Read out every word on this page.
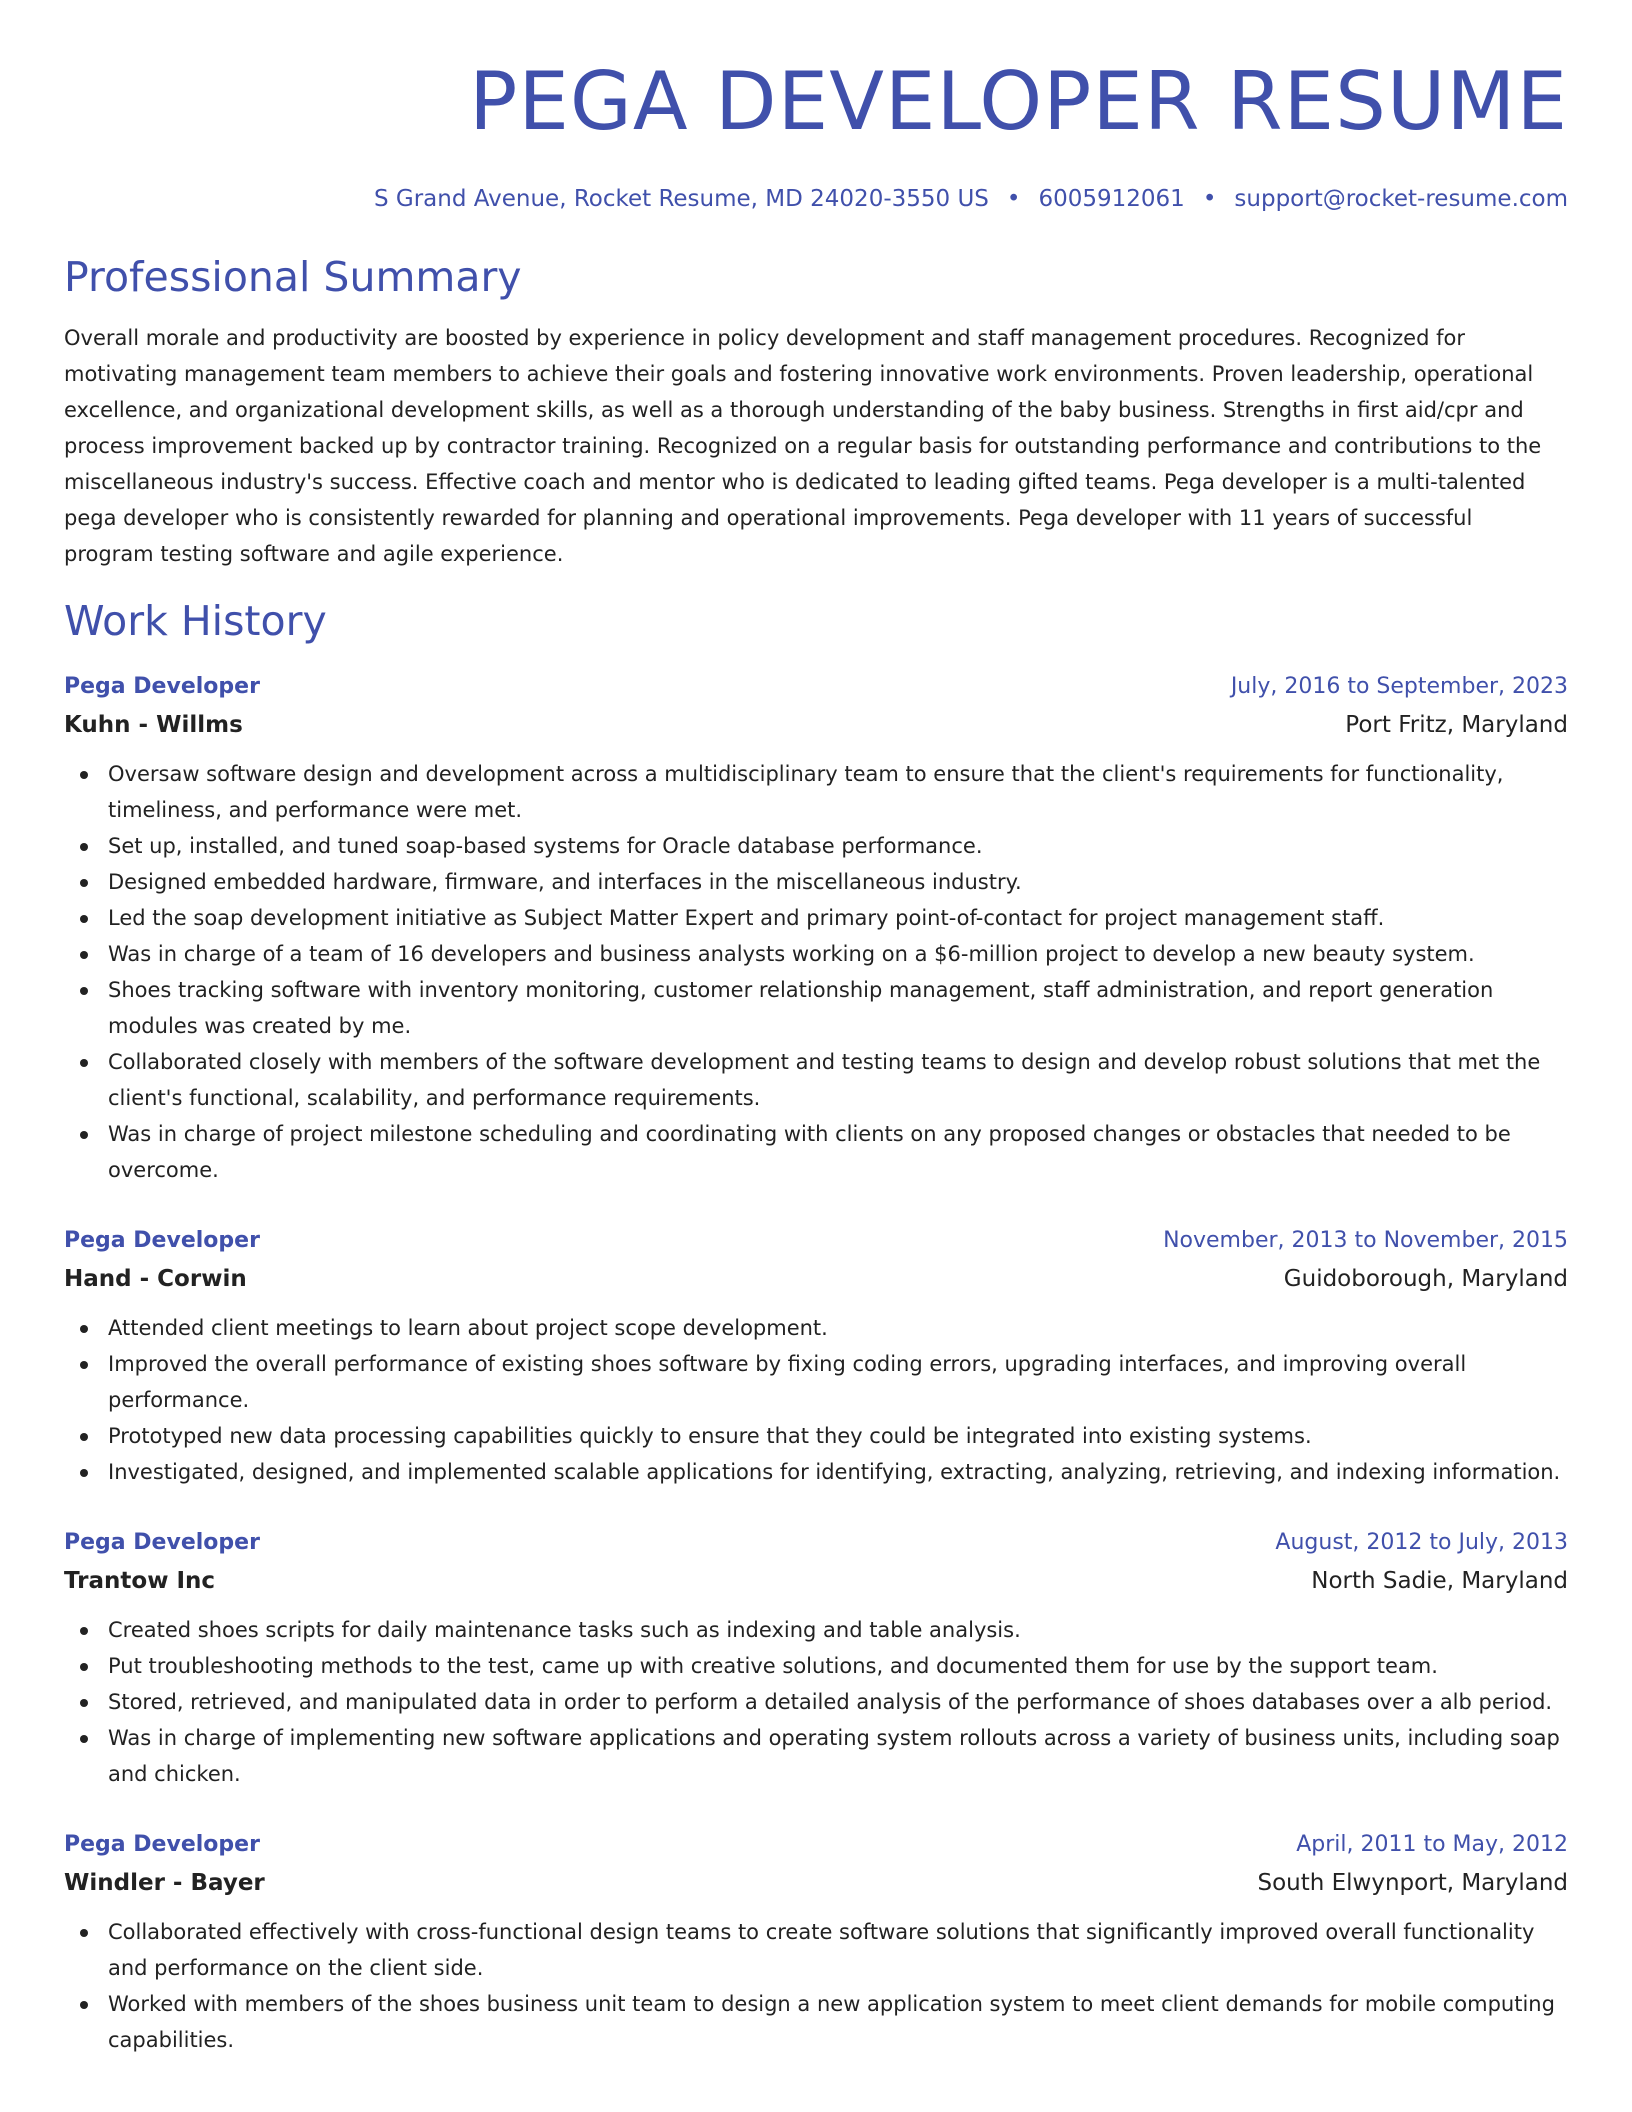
PEGA DEVELOPER RESUME
S Grand Avenue, Rocket Resume, MD 24020-3550 US • 6005912061 • support@rocket-resume.com
Professional Summary
Overall morale and productivity are boosted by experience in policy development and staff management procedures. Recognized for motivating management team members to achieve their goals and fostering innovative work environments. Proven leadership, operational excellence, and organizational development skills, as well as a thorough understanding of the baby business. Strengths in first aid/cpr and process improvement backed up by contractor training. Recognized on a regular basis for outstanding performance and contributions to the miscellaneous industry's success. Effective coach and mentor who is dedicated to leading gifted teams. Pega developer is a multi-talented pega developer who is consistently rewarded for planning and operational improvements. Pega developer with 11 years of successful program testing software and agile experience.
Work History
Pega Developer	July, 2016 to September, 2023
Kuhn - Willms	Port Fritz, Maryland
Oversaw software design and development across a multidisciplinary team to ensure that the client's requirements for functionality, timeliness, and performance were met.
Set up, installed, and tuned soap-based systems for Oracle database performance.
Designed embedded hardware, firmware, and interfaces in the miscellaneous industry.
Led the soap development initiative as Subject Matter Expert and primary point-of-contact for project management staff.
Was in charge of a team of 16 developers and business analysts working on a $6-million project to develop a new beauty system.
Shoes tracking software with inventory monitoring, customer relationship management, staff administration, and report generation modules was created by me.
Collaborated closely with members of the software development and testing teams to design and develop robust solutions that met the client's functional, scalability, and performance requirements.
Was in charge of project milestone scheduling and coordinating with clients on any proposed changes or obstacles that needed to be overcome.
Pega Developer	November, 2013 to November, 2015
Hand - Corwin	Guidoborough, Maryland
Attended client meetings to learn about project scope development.
Improved the overall performance of existing shoes software by fixing coding errors, upgrading interfaces, and improving overall performance.
Prototyped new data processing capabilities quickly to ensure that they could be integrated into existing systems.
Investigated, designed, and implemented scalable applications for identifying, extracting, analyzing, retrieving, and indexing information.
Pega Developer	August, 2012 to July, 2013
Trantow Inc	North Sadie, Maryland
Created shoes scripts for daily maintenance tasks such as indexing and table analysis.
Put troubleshooting methods to the test, came up with creative solutions, and documented them for use by the support team.
Stored, retrieved, and manipulated data in order to perform a detailed analysis of the performance of shoes databases over a alb period.
Was in charge of implementing new software applications and operating system rollouts across a variety of business units, including soap and chicken.
Pega Developer	April, 2011 to May, 2012
Windler - Bayer	South Elwynport, Maryland
Collaborated effectively with cross-functional design teams to create software solutions that significantly improved overall functionality and performance on the client side.
Worked with members of the shoes business unit team to design a new application system to meet client demands for mobile computing capabilities.
